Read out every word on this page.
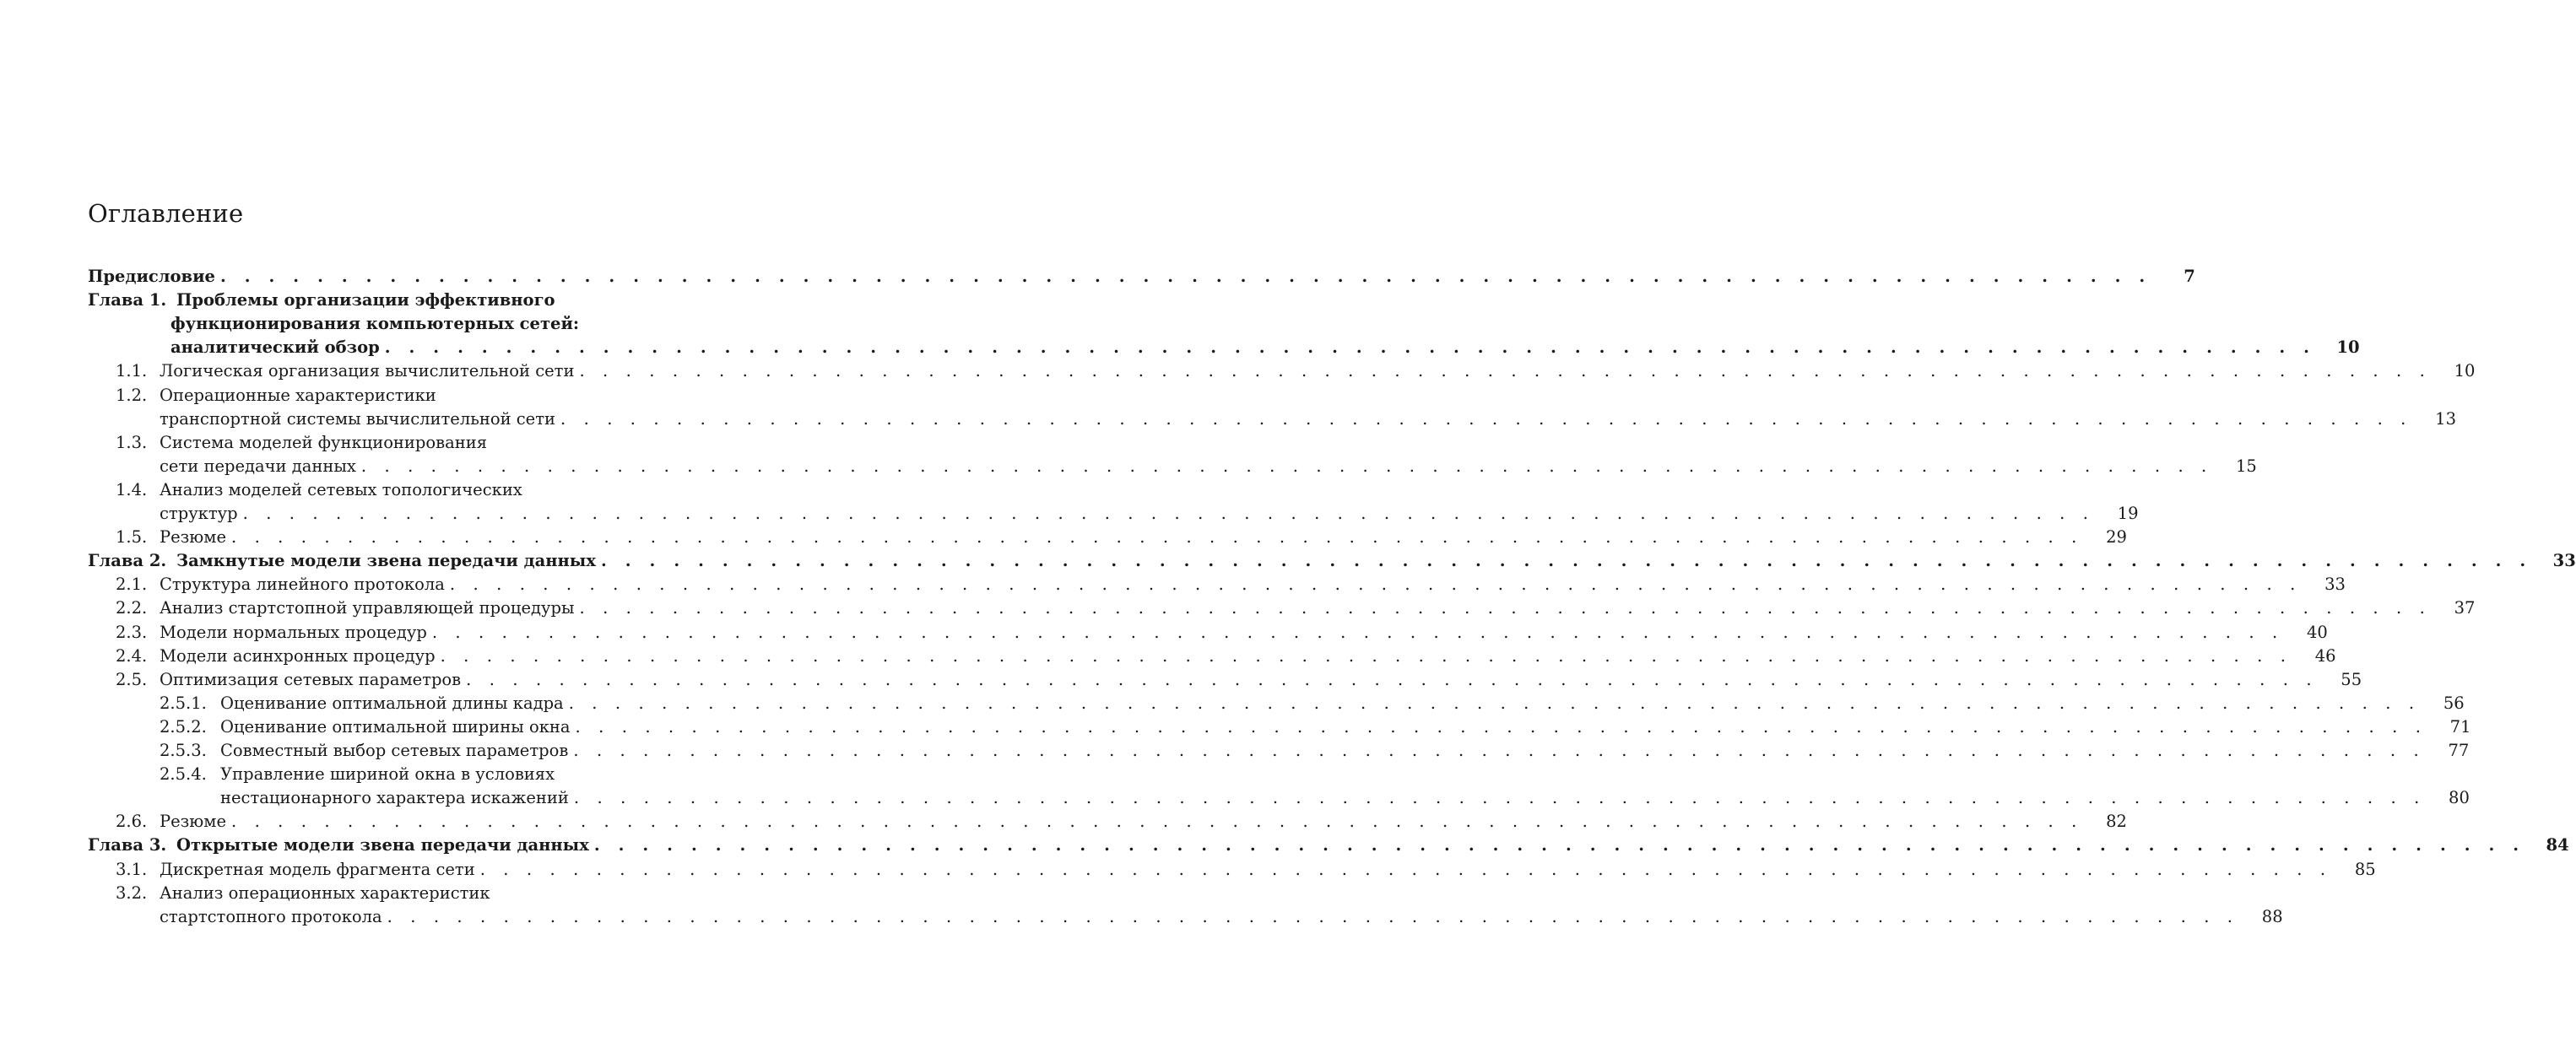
Оглавление
Предисловие . . . . . . . . . . . . . . . . . . . . . . . . . . . . . . . . . . . . . . . . . . . . . . . . . . . . . . . . . . . . . . . . . . . . . . . . . . . . . . . .	7
Глава 1. Проблемы организации эффективного
функционирования компьютерных сетей:
аналитический обзор . . . . . . . . . . . . . . . . . . . . . . . . . . . . . . . . . . . . . . . . . . . . . . . . . . . . . . . . . . . . . . . . . . . . . . . . . . . . . . . .	10
1.1. Логическая организация вычислительной сети . . . . . . . . . . . . . . . . . . . . . . . . . . . . . . . . . . . . . . . . . . . . . . . . . . . . . . . . . . . . . . . . . . . . . . . . . . . . . . . .	10
1.2. Операционные характеристики
транспортной системы вычислительной сети . . . . . . . . . . . . . . . . . . . . . . . . . . . . . . . . . . . . . . . . . . . . . . . . . . . . . . . . . . . . . . . . . . . . . . . . . . . . . . . .	13
1.3. Система моделей функционирования
сети передачи данных . . . . . . . . . . . . . . . . . . . . . . . . . . . . . . . . . . . . . . . . . . . . . . . . . . . . . . . . . . . . . . . . . . . . . . . . . . . . . . . .	15
1.4. Анализ моделей сетевых топологических
структур . . . . . . . . . . . . . . . . . . . . . . . . . . . . . . . . . . . . . . . . . . . . . . . . . . . . . . . . . . . . . . . . . . . . . . . . . . . . . . . .	19
1.5. Резюме . . . . . . . . . . . . . . . . . . . . . . . . . . . . . . . . . . . . . . . . . . . . . . . . . . . . . . . . . . . . . . . . . . . . . . . . . . . . . . . .	29
Глава 2. Замкнутые модели звена передачи данных . . . . . . . . . . . . . . . . . . . . . . . . . . . . . . . . . . . . . . . . . . . . . . . . . . . . . . . . . . . . . . . . . . . . . . . . . . . . . . . .	33
2.1. Структура линейного протокола . . . . . . . . . . . . . . . . . . . . . . . . . . . . . . . . . . . . . . . . . . . . . . . . . . . . . . . . . . . . . . . . . . . . . . . . . . . . . . . .	33
2.2. Анализ стартстопной управляющей процедуры . . . . . . . . . . . . . . . . . . . . . . . . . . . . . . . . . . . . . . . . . . . . . . . . . . . . . . . . . . . . . . . . . . . . . . . . . . . . . . . .	37
2.3. Модели нормальных процедур . . . . . . . . . . . . . . . . . . . . . . . . . . . . . . . . . . . . . . . . . . . . . . . . . . . . . . . . . . . . . . . . . . . . . . . . . . . . . . . .	40
2.4. Модели асинхронных процедур . . . . . . . . . . . . . . . . . . . . . . . . . . . . . . . . . . . . . . . . . . . . . . . . . . . . . . . . . . . . . . . . . . . . . . . . . . . . . . . .	46
2.5. Оптимизация сетевых параметров . . . . . . . . . . . . . . . . . . . . . . . . . . . . . . . . . . . . . . . . . . . . . . . . . . . . . . . . . . . . . . . . . . . . . . . . . . . . . . . .	55
2.5.1. Оценивание оптимальной длины кадра . . . . . . . . . . . . . . . . . . . . . . . . . . . . . . . . . . . . . . . . . . . . . . . . . . . . . . . . . . . . . . . . . . . . . . . . . . . . . . . .	56
2.5.2. Оценивание оптимальной ширины окна . . . . . . . . . . . . . . . . . . . . . . . . . . . . . . . . . . . . . . . . . . . . . . . . . . . . . . . . . . . . . . . . . . . . . . . . . . . . . . . .	71
2.5.3. Совместный выбор сетевых параметров . . . . . . . . . . . . . . . . . . . . . . . . . . . . . . . . . . . . . . . . . . . . . . . . . . . . . . . . . . . . . . . . . . . . . . . . . . . . . . . .	77
2.5.4. Управление шириной окна в условиях
нестационарного характера искажений . . . . . . . . . . . . . . . . . . . . . . . . . . . . . . . . . . . . . . . . . . . . . . . . . . . . . . . . . . . . . . . . . . . . . . . . . . . . . . . .	80
2.6. Резюме . . . . . . . . . . . . . . . . . . . . . . . . . . . . . . . . . . . . . . . . . . . . . . . . . . . . . . . . . . . . . . . . . . . . . . . . . . . . . . . .	82
Глава 3. Открытые модели звена передачи данных . . . . . . . . . . . . . . . . . . . . . . . . . . . . . . . . . . . . . . . . . . . . . . . . . . . . . . . . . . . . . . . . . . . . . . . . . . . . . . . .	84
3.1. Дискретная модель фрагмента сети . . . . . . . . . . . . . . . . . . . . . . . . . . . . . . . . . . . . . . . . . . . . . . . . . . . . . . . . . . . . . . . . . . . . . . . . . . . . . . . .	85
3.2. Анализ операционных характеристик
стартстопного протокола . . . . . . . . . . . . . . . . . . . . . . . . . . . . . . . . . . . . . . . . . . . . . . . . . . . . . . . . . . . . . . . . . . . . . . . . . . . . . . . .	88
